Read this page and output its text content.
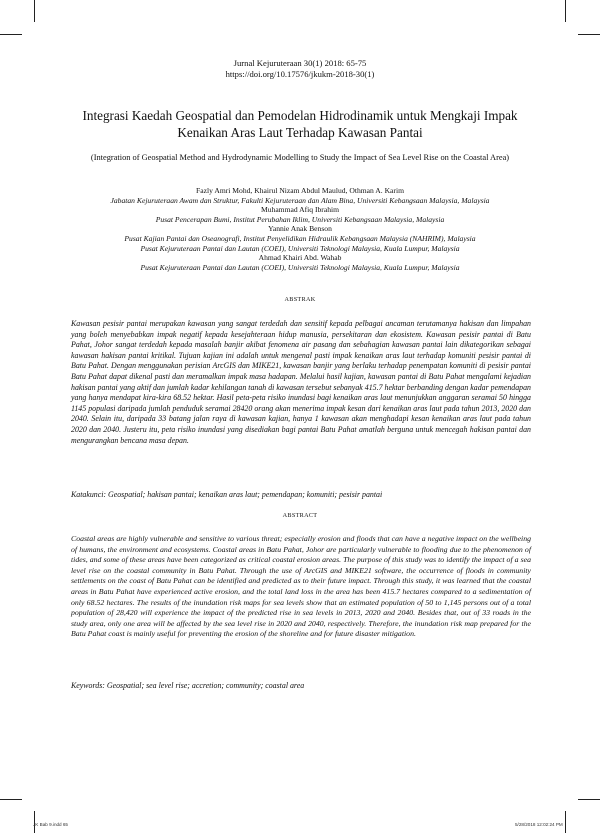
Jurnal Kejuruteraan 30(1) 2018: 65-75
https://doi.org/10.17576/jkukm-2018-30(1)
Integrasi Kaedah Geospatial dan Pemodelan Hidrodinamik untuk Mengkaji Impak Kenaikan Aras Laut Terhadap Kawasan Pantai
(Integration of Geospatial Method and Hydrodynamic Modelling to Study the Impact of Sea Level Rise on the Coastal Area)
Fazly Amri Mohd, Khairul Nizam Abdul Maulud, Othman A. Karim
Jabatan Kejuruteraan Awam dan Struktur, Fakulti Kejuruteraan dan Alam Bina, Universiti Kebangsaan Malaysia, Malaysia
Muhammad Afiq Ibrahim
Pusat Pencerapan Bumi, Institut Perubahan Iklim, Universiti Kebangsaan Malaysia, Malaysia
Yannie Anak Benson
Pusat Kajian Pantai dan Oseanografi, Institut Penyelidikan Hidraulik Kebangsaan Malaysia (NAHRIM), Malaysia
Pusat Kejuruteraan Pantai dan Lautan (COEI), Universiti Teknologi Malaysia, Kuala Lumpur, Malaysia
Ahmad Khairi Abd. Wahab
Pusat Kejuruteraan Pantai dan Lautan (COEI), Universiti Teknologi Malaysia, Kuala Lumpur, Malaysia
ABSTRAK
Kawasan pesisir pantai merupakan kawasan yang sangat terdedah dan sensitif kepada pelbagai ancaman terutamanya hakisan dan limpahan yang boleh menyebabkan impak negatif kepada kesejahteraan hidup manusia, persekitaran dan ekosistem. Kawasan pesisir pantai di Batu Pahat, Johor sangat terdedah kepada masalah banjir akibat fenomena air pasang dan sebahagian kawasan pantai lain dikategorikan sebagai kawasan hakisan pantai kritikal. Tujuan kajian ini adalah untuk mengenal pasti impak kenaikan aras laut terhadap komuniti pesisir pantai di Batu Pahat. Dengan menggunakan perisian ArcGIS dan MIKE21, kawasan banjir yang berlaku terhadap penempatan komuniti di pesisir pantai Batu Pahat dapat dikenal pasti dan meramalkan impak masa hadapan. Melalui hasil kajian, kawasan pantai di Batu Pahat mengalami kejadian hakisan pantai yang aktif dan jumlah kadar kehilangan tanah di kawasan tersebut sebanyak 415.7 hektar berbanding dengan kadar pemendapan yang hanya mendapat kira-kira 68.52 hektar. Hasil peta-peta risiko inundasi bagi kenaikan aras laut menunjukkan anggaran seramai 50 hingga 1145 populasi daripada jumlah penduduk seramai 28420 orang akan menerima impak kesan dari kenaikan aras laut pada tahun 2013, 2020 dan 2040. Selain itu, daripada 33 batang jalan raya di kawasan kajian, hanya 1 kawasan akan menghadapi kesan kenaikan aras laut pada tahun 2020 dan 2040. Justeru itu, peta risiko inundasi yang disediakan bagi pantai Batu Pahat amatlah berguna untuk mencegah hakisan pantai dan mengurangkan bencana masa depan.
Katakunci: Geospatial; hakisan pantai; kenaikan aras laut; pemendapan; komuniti; pesisir pantai
ABSTRACT
Coastal areas are highly vulnerable and sensitive to various threat; especially erosion and floods that can have a negative impact on the wellbeing of humans, the environment and ecosystems. Coastal areas in Batu Pahat, Johor are particularly vulnerable to flooding due to the phenomenon of tides, and some of these areas have been categorized as critical coastal erosion areas. The purpose of this study was to identify the impact of a sea level rise on the coastal community in Batu Pahat. Through the use of ArcGIS and MIKE21 software, the occurrence of floods in community settlements on the coast of Batu Pahat can be identified and predicted as to their future impact. Through this study, it was learned that the coastal areas in Batu Pahat have experienced active erosion, and the total land loss in the area has been 415.7 hectares compared to a sedimentation of only 68.52 hectares. The results of the inundation risk maps for sea levels show that an estimated population of 50 to 1,145 persons out of a total population of 28,420 will experience the impact of the predicted rise in sea levels in 2013, 2020 and 2040. Besides that, out of 33 roads in the study area, only one area will be affected by the sea level rise in 2020 and 2040, respectively. Therefore, the inundation risk map prepared for the Batu Pahat coast is mainly useful for preventing the erosion of the shoreline and for future disaster mitigation.
Keywords: Geospatial; sea level rise; accretion; community; coastal area
JK Bab 9.indd 65	5/28/2018 12:02:24 PM
